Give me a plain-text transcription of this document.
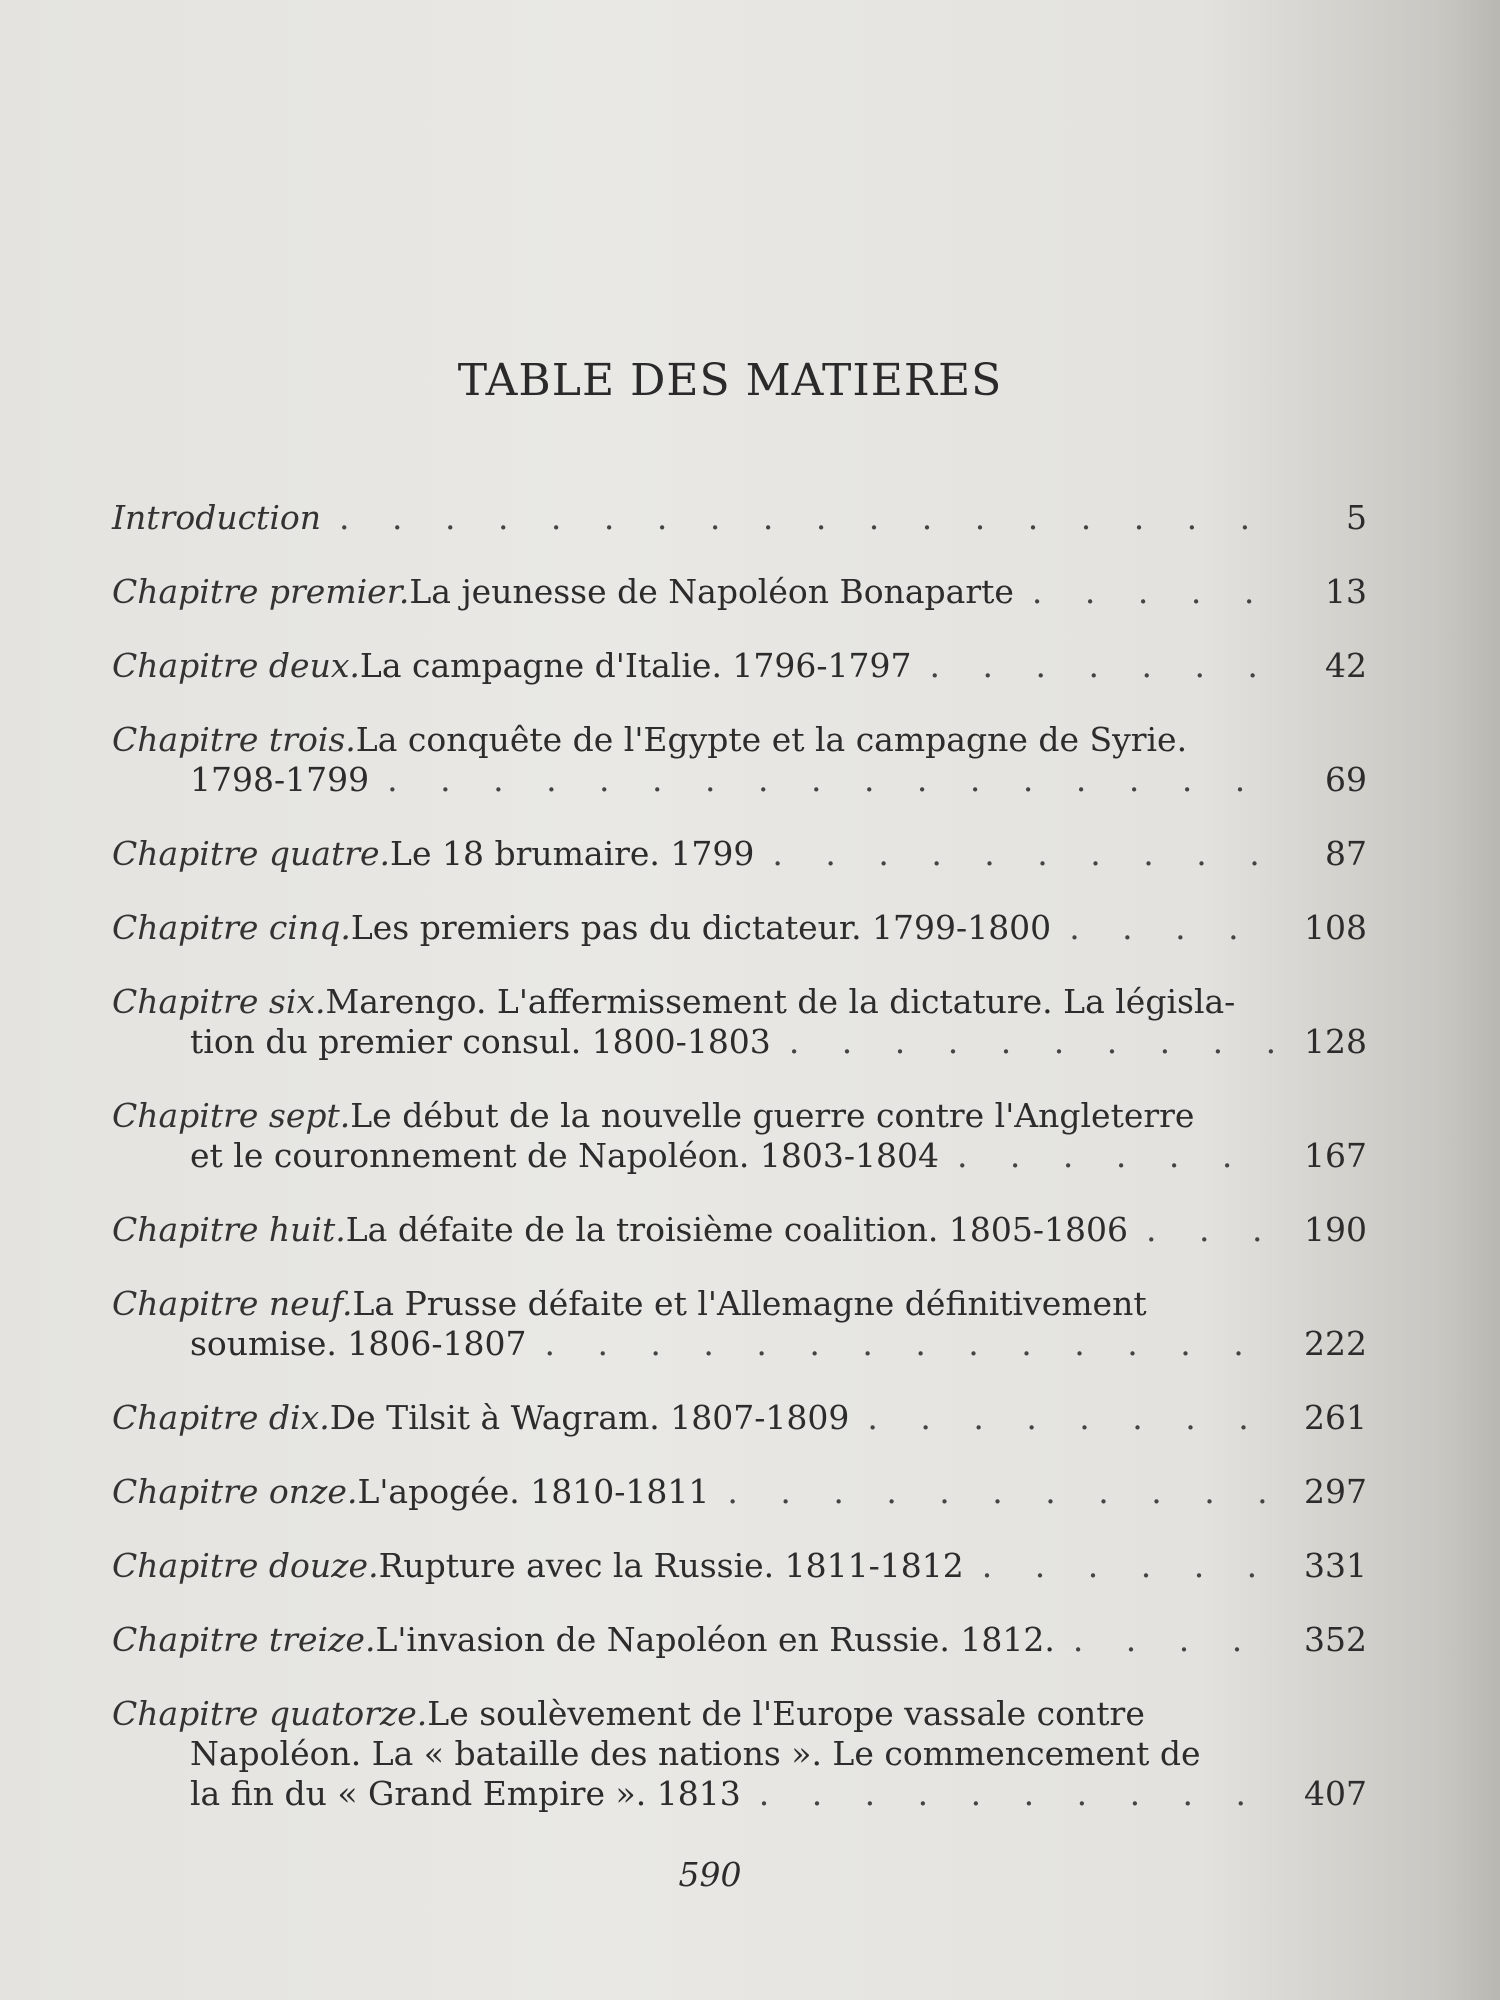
TABLE DES MATIERES
Introduction . . .	5
Chapitre premier. La jeunesse de Napoléon Bonaparte . . .	13
Chapitre deux. La campagne d'Italie. 1796-1797 . . .	42
Chapitre trois. La conquête de l'Egypte et la campagne de Syrie.
1798-1799 . . .	69
Chapitre quatre. Le 18 brumaire. 1799 . . .	87
Chapitre cinq. Les premiers pas du dictateur. 1799-1800 . . .	108
Chapitre six. Marengo. L'affermissement de la dictature. La législa-
tion du premier consul. 1800-1803 . . .	128
Chapitre sept. Le début de la nouvelle guerre contre l'Angleterre
et le couronnement de Napoléon. 1803-1804 . . .	167
Chapitre huit. La défaite de la troisième coalition. 1805-1806 . . .	190
Chapitre neuf. La Prusse défaite et l'Allemagne définitivement
soumise. 1806-1807 . . .	222
Chapitre dix. De Tilsit à Wagram. 1807-1809 . . .	261
Chapitre onze. L'apogée. 1810-1811 . . .	297
Chapitre douze. Rupture avec la Russie. 1811-1812 . . .	331
Chapitre treize. L'invasion de Napoléon en Russie. 1812. . . .	352
Chapitre quatorze. Le soulèvement de l'Europe vassale contre
Napoléon. La « bataille des nations ». Le commencement de
la fin du « Grand Empire ». 1813 . . .	407
590
